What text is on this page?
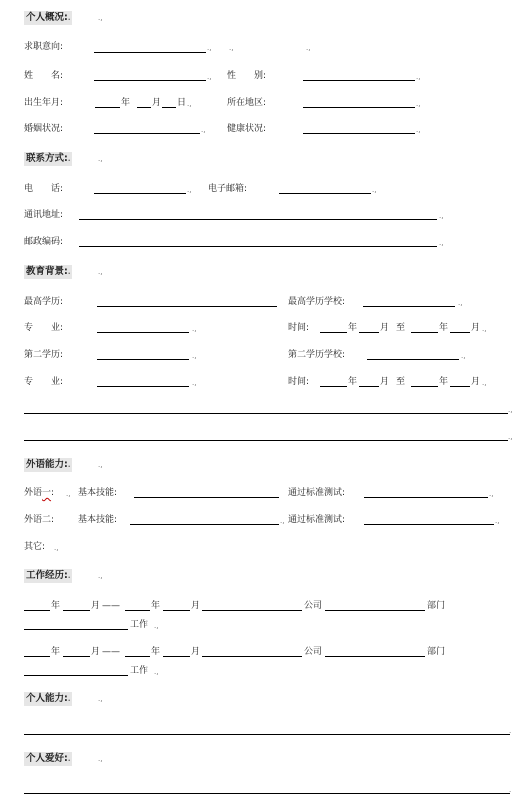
个人概况:.	.,
求职意向:	.,	.,	.,
姓　　名:	., 性　　别:	.,
出生年月:	年 月 日 .,	所在地区:	.,
婚姻状况:	., 健康状况:	.,
联系方式:.	.,
电　　话:	., 电子邮箱:	.,
通讯地址:	.,
邮政编码:	.,
教育背景:.	.,
最高学历:	最高学历学校:	.,
专　　业:	.,	时间:	年	月 至	年	月 .,
第二学历:	.,	第二学历学校:	.,
专　　业:	.,	时间:	年	月 至	年	月 .,
.,
.,
外语能力:.	.,
外语一: ., 基本技能:	通过标准测试:	.,
外语二:	基本技能:	., 通过标准测试:	.,
其它: .,
工作经历:.	.,
年	月 ——	年	月	公司	部门
工作 .,
年	月 ——	年	月	公司	部门
工作 .,
个人能力:.	.,
.
个人爱好:.	.,
.
